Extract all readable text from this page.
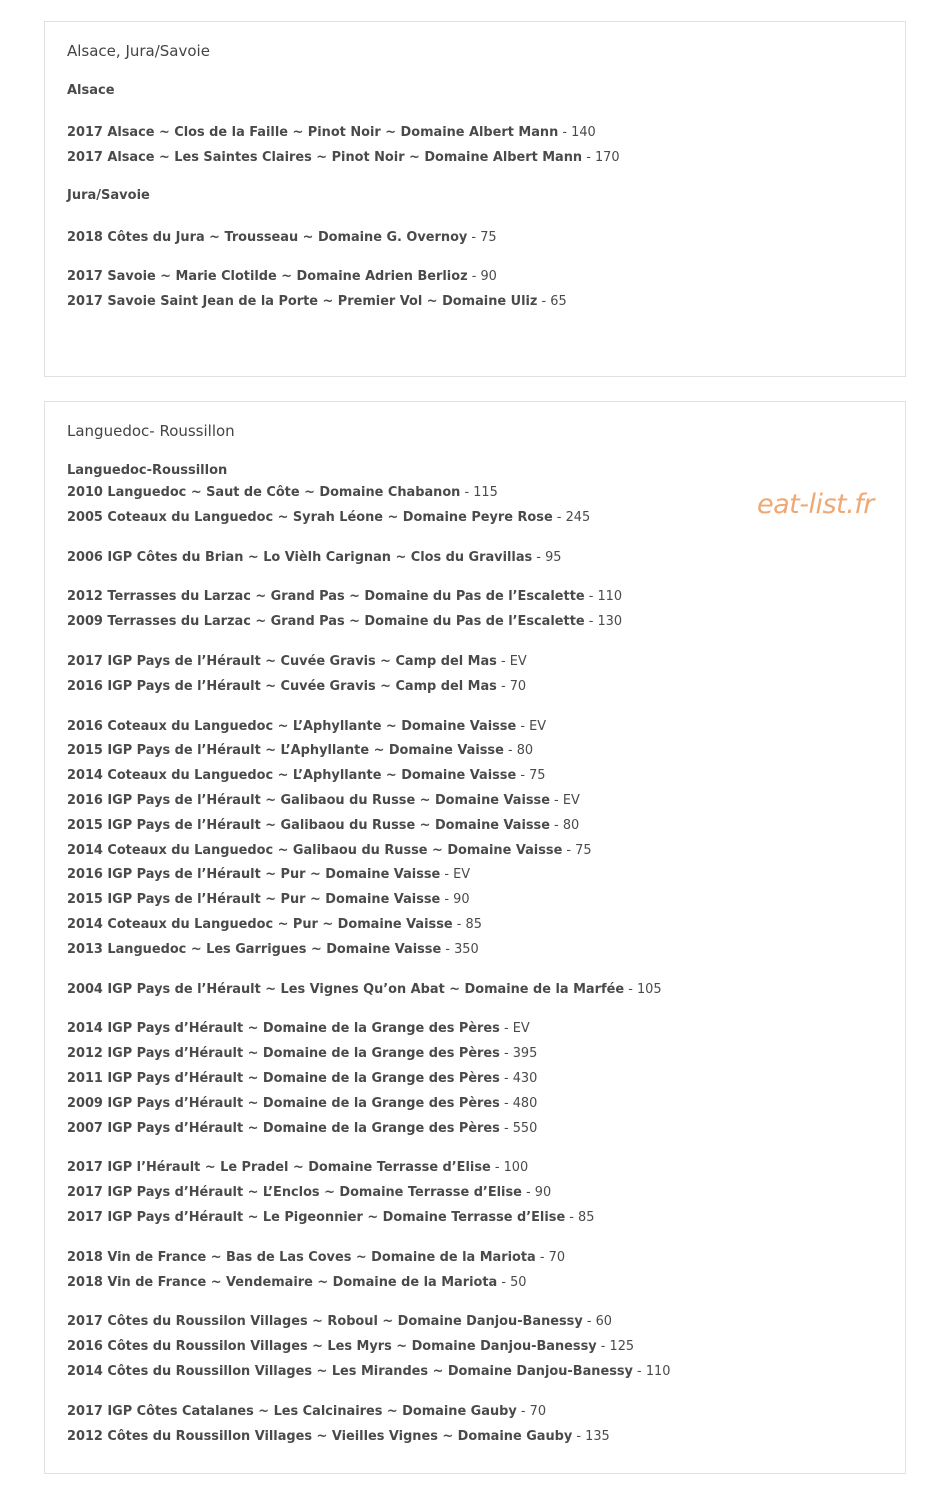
Alsace, Jura/Savoie
Alsace

2017 Alsace ~ Clos de la Faille ~ Pinot Noir ~ Domaine Albert Mann - 140

2017 Alsace ~ Les Saintes Claires ~ Pinot Noir ~ Domaine Albert Mann - 170

Jura/Savoie

2018 Côtes du Jura ~ Trousseau ~ Domaine G. Overnoy - 75

2017 Savoie ~ Marie Clotilde ~ Domaine Adrien Berlioz - 90

2017 Savoie Saint Jean de la Porte ~ Premier Vol ~ Domaine Uliz - 65

Languedoc- Roussillon
Languedoc-Roussillon

2010 Languedoc ~ Saut de Côte ~ Domaine Chabanon - 115

2005 Coteaux du Languedoc ~ Syrah Léone ~ Domaine Peyre Rose - 245

2006 IGP Côtes du Brian ~ Lo Vièlh Carignan ~ Clos du Gravillas - 95

2012 Terrasses du Larzac ~ Grand Pas ~ Domaine du Pas de l’Escalette - 110

2009 Terrasses du Larzac ~ Grand Pas ~ Domaine du Pas de l’Escalette - 130

2017 IGP Pays de l’Hérault ~ Cuvée Gravis ~ Camp del Mas - EV

2016 IGP Pays de l’Hérault ~ Cuvée Gravis ~ Camp del Mas - 70

2016 Coteaux du Languedoc ~ L’Aphyllante ~ Domaine Vaisse - EV

2015 IGP Pays de l’Hérault ~ L’Aphyllante ~ Domaine Vaisse - 80

2014 Coteaux du Languedoc ~ L’Aphyllante ~ Domaine Vaisse - 75

2016 IGP Pays de l’Hérault ~ Galibaou du Russe ~ Domaine Vaisse - EV

2015 IGP Pays de l’Hérault ~ Galibaou du Russe ~ Domaine Vaisse - 80

2014 Coteaux du Languedoc ~ Galibaou du Russe ~ Domaine Vaisse - 75

2016 IGP Pays de l’Hérault ~ Pur ~ Domaine Vaisse - EV

2015 IGP Pays de l’Hérault ~ Pur ~ Domaine Vaisse - 90

2014 Coteaux du Languedoc ~ Pur ~ Domaine Vaisse - 85

2013 Languedoc ~ Les Garrigues ~ Domaine Vaisse - 350

2004 IGP Pays de l’Hérault ~ Les Vignes Qu’on Abat ~ Domaine de la Marfée - 105

2014 IGP Pays d’Hérault ~ Domaine de la Grange des Pères - EV

2012 IGP Pays d’Hérault ~ Domaine de la Grange des Pères - 395

2011 IGP Pays d’Hérault ~ Domaine de la Grange des Pères - 430

2009 IGP Pays d’Hérault ~ Domaine de la Grange des Pères - 480

2007 IGP Pays d’Hérault ~ Domaine de la Grange des Pères - 550

2017 IGP l’Hérault ~ Le Pradel ~ Domaine Terrasse d’Elise - 100

2017 IGP Pays d’Hérault ~ L’Enclos ~ Domaine Terrasse d’Elise - 90

2017 IGP Pays d’Hérault ~ Le Pigeonnier ~ Domaine Terrasse d’Elise - 85

2018 Vin de France ~ Bas de Las Coves ~ Domaine de la Mariota - 70

2018 Vin de France ~ Vendemaire ~ Domaine de la Mariota - 50

2017 Côtes du Roussilon Villages ~ Roboul ~ Domaine Danjou-Banessy - 60

2016 Côtes du Roussilon Villages ~ Les Myrs ~ Domaine Danjou-Banessy - 125

2014 Côtes du Roussillon Villages ~ Les Mirandes ~ Domaine Danjou-Banessy - 110

2017 IGP Côtes Catalanes ~ Les Calcinaires ~ Domaine Gauby - 70

2012 Côtes du Roussillon Villages ~ Vieilles Vignes ~ Domaine Gauby - 135

eat-list.fr
